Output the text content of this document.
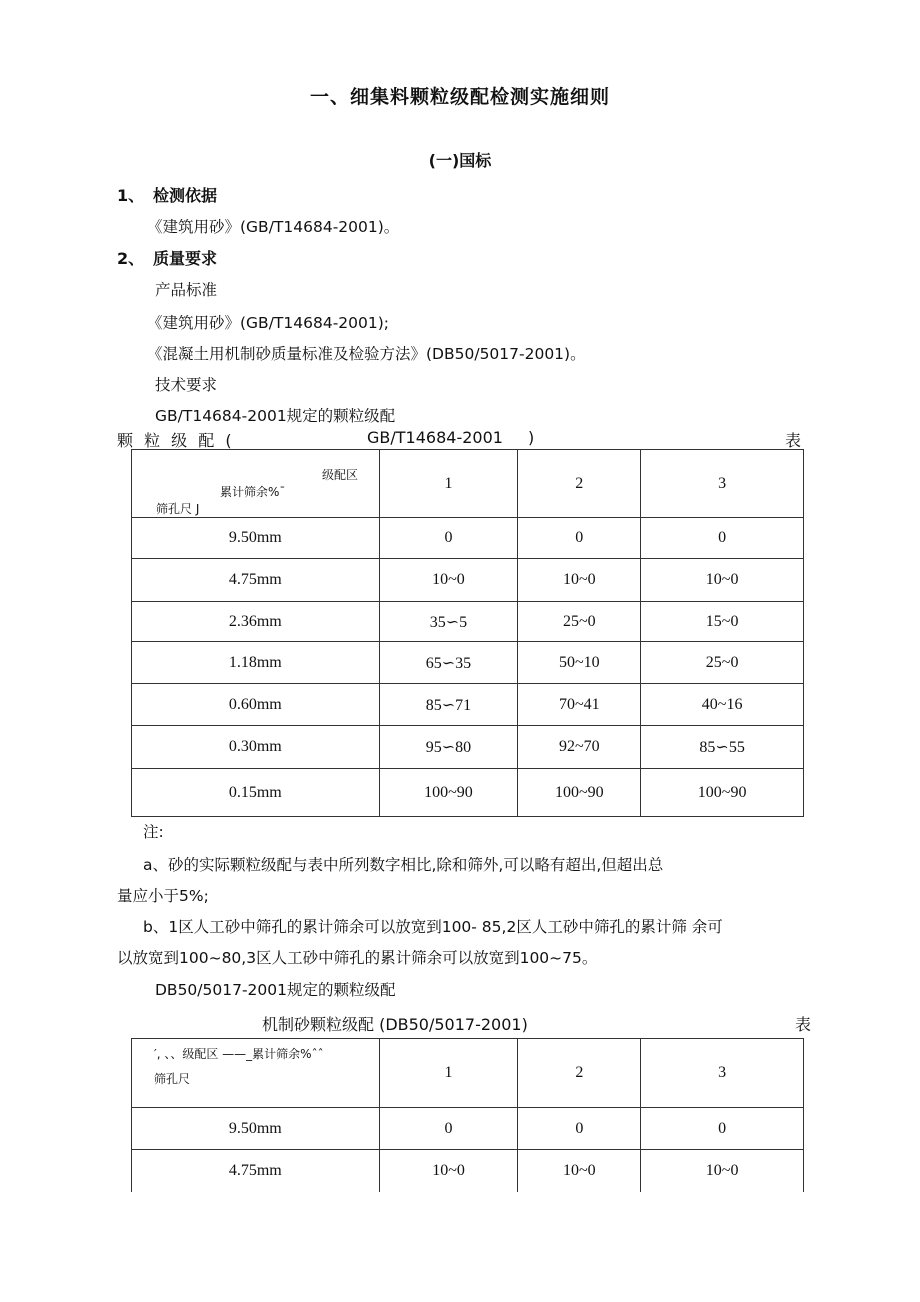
一、细集料颗粒级配检测实施细则
(一)国标
1、 检测依据
《建筑用砂》(GB/T14684-2001)。
2、 质量要求
产品标准
《建筑用砂》(GB/T14684-2001);
《混凝土用机制砂质量标准及检验方法》(DB50/5017-2001)。
技术要求
GB/T14684-2001规定的颗粒级配
颗 粒 级 配 (	GB/T14684-2001 )	表
级配区
累计筛余%ˉ
筛孔尺 J	1	2	3
9.50mm	0	0	0
4.75mm	10~0	10~0	10~0
2.36mm	35∽5	25~0	15~0
1.18mm	65∽35	50~10	25~0
0.60mm	85∽71	70~41	40~16
0.30mm	95∽80	92~70	85∽55
0.15mm	100~90	100~90	100~90
注:
a、砂的实际颗粒级配与表中所列数字相比,除和筛外,可以略有超出,但超出总
量应小于5%;
b、1区人工砂中筛孔的累计筛余可以放宽到100- 85,2区人工砂中筛孔的累计筛 余可
以放宽到100~80,3区人工砂中筛孔的累计筛余可以放宽到100~75。
DB50/5017-2001规定的颗粒级配
机制砂颗粒级配 (DB50/5017-2001)	表
′, 、、级配区 ——_累计筛余%ˆˆ
筛孔尺	1	2	3
9.50mm	0	0	0
4.75mm	10~0	10~0	10~0
